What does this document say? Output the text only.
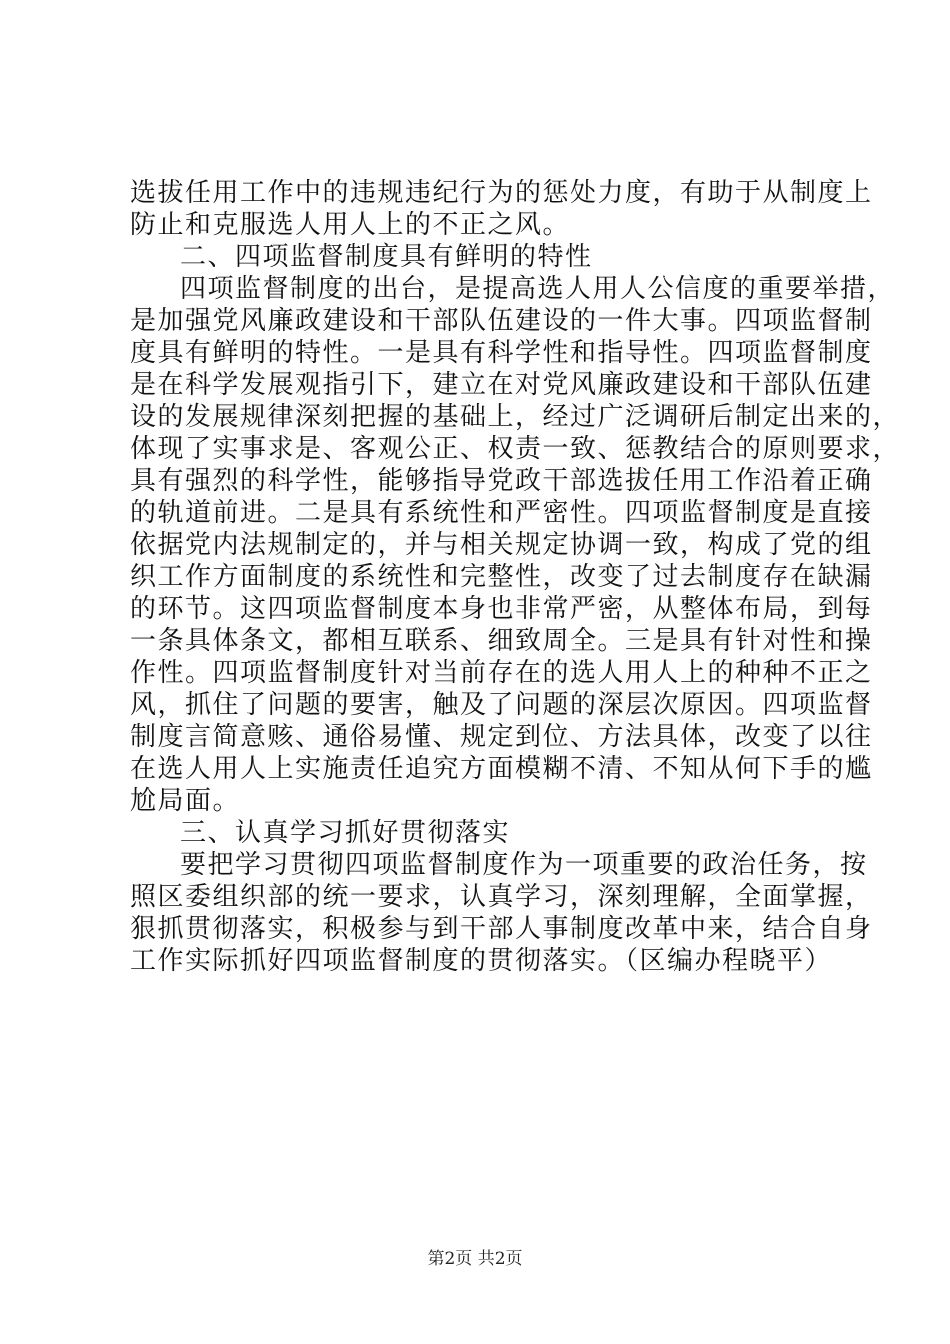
选拔任用工作中的违规违纪行为的惩处力度，有助于从制度上
防止和克服选人用人上的不正之风。
二、四项监督制度具有鲜明的特性
四项监督制度的出台，是提高选人用人公信度的重要举措，
是加强党风廉政建设和干部队伍建设的一件大事。四项监督制
度具有鲜明的特性。一是具有科学性和指导性。四项监督制度
是在科学发展观指引下，建立在对党风廉政建设和干部队伍建
设的发展规律深刻把握的基础上，经过广泛调研后制定出来的，
体现了实事求是、客观公正、权责一致、惩教结合的原则要求，
具有强烈的科学性，能够指导党政干部选拔任用工作沿着正确
的轨道前进。二是具有系统性和严密性。四项监督制度是直接
依据党内法规制定的，并与相关规定协调一致，构成了党的组
织工作方面制度的系统性和完整性，改变了过去制度存在缺漏
的环节。这四项监督制度本身也非常严密，从整体布局，到每
一条具体条文，都相互联系、细致周全。三是具有针对性和操
作性。四项监督制度针对当前存在的选人用人上的种种不正之
风，抓住了问题的要害，触及了问题的深层次原因。四项监督
制度言简意赅、通俗易懂、规定到位、方法具体，改变了以往
在选人用人上实施责任追究方面模糊不清、不知从何下手的尴
尬局面。
三、认真学习抓好贯彻落实
要把学习贯彻四项监督制度作为一项重要的政治任务，按
照区委组织部的统一要求，认真学习，深刻理解，全面掌握，
狠抓贯彻落实，积极参与到干部人事制度改革中来，结合自身
工作实际抓好四项监督制度的贯彻落实。（区编办程晓平）
第2页 共2页
